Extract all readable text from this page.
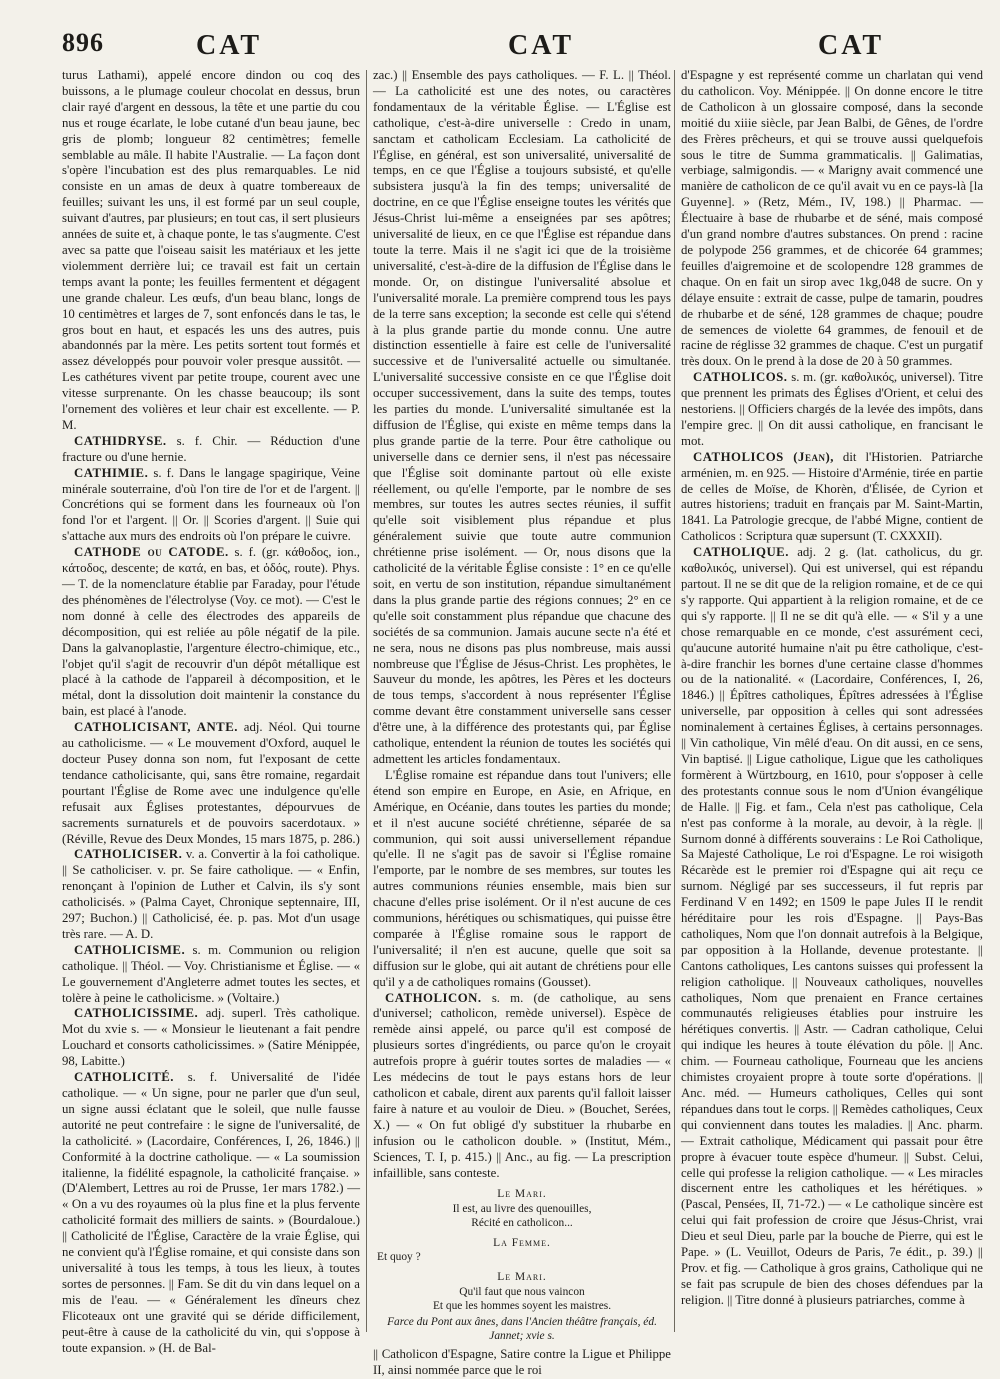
896	CAT	CAT	CAT

turus Lathami), appelé encore dindon ou coq des buissons, a le plumage couleur chocolat en dessus, brun clair rayé d'argent en dessous, la tête et une partie du cou nus et rouge écarlate, le lobe cutané d'un beau jaune, bec gris de plomb; longueur 82 centimètres; femelle semblable au mâle. Il habite l'Australie. — La façon dont s'opère l'incubation est des plus remarquables. Le nid consiste en un amas de deux à quatre tombereaux de feuilles; suivant les uns, il est formé par un seul couple, suivant d'autres, par plusieurs; en tout cas, il sert plusieurs années de suite et, à chaque ponte, le tas s'augmente. C'est avec sa patte que l'oiseau saisit les matériaux et les jette violemment derrière lui; ce travail est fait un certain temps avant la ponte; les feuilles fermentent et dégagent une grande chaleur. Les œufs, d'un beau blanc, longs de 10 centimètres et larges de 7, sont enfoncés dans le tas, le gros bout en haut, et espacés les uns des autres, puis abandonnés par la mère. Les petits sortent tout formés et assez développés pour pouvoir voler presque aussitôt. — Les cathétures vivent par petite troupe, courent avec une vitesse surprenante. On les chasse beaucoup; ils sont l'ornement des volières et leur chair est excellente. — P. M.

CATHIDRYSE. s. f. Chir. — Réduction d'une fracture ou d'une hernie.

CATHIMIE. s. f. Dans le langage spagirique, Veine minérale souterraine, d'où l'on tire de l'or et de l'argent. || Concrétions qui se forment dans les fourneaux où l'on fond l'or et l'argent. || Or. || Scories d'argent. || Suie qui s'attache aux murs des endroits où l'on prépare le cuivre.

CATHODE ou CATODE. s. f. (gr. κάθοδος, ion., κάτοδος, descente; de κατά, en bas, et ὁδός, route). Phys. — T. de la nomenclature établie par Faraday, pour l'étude des phénomènes de l'électrolyse (Voy. ce mot). — C'est le nom donné à celle des électrodes des appareils de décomposition, qui est reliée au pôle négatif de la pile. Dans la galvanoplastie, l'argenture électro-chimique, etc., l'objet qu'il s'agit de recouvrir d'un dépôt métallique est placé à la cathode de l'appareil à décomposition, et le métal, dont la dissolution doit maintenir la constance du bain, est placé à l'anode.

CATHOLICISANT, ANTE. adj. Néol. Qui tourne au catholicisme. — « Le mouvement d'Oxford, auquel le docteur Pusey donna son nom, fut l'exposant de cette tendance catholicisante, qui, sans être romaine, regardait pourtant l'Église de Rome avec une indulgence qu'elle refusait aux Églises protestantes, dépourvues de sacrements surnaturels et de pouvoirs sacerdotaux. » (Réville, Revue des Deux Mondes, 15 mars 1875, p. 286.)

CATHOLICISER. v. a. Convertir à la foi catholique. || Se catholiciser. v. pr. Se faire catholique. — « Enfin, renonçant à l'opinion de Luther et Calvin, ils s'y sont catholicisés. » (Palma Cayet, Chronique septennaire, III, 297; Buchon.) || Catholicisé, ée. p. pas. Mot d'un usage très rare. — A. D.

CATHOLICISME. s. m. Communion ou religion catholique. || Théol. — Voy. Christianisme et Église. — « Le gouvernement d'Angleterre admet toutes les sectes, et tolère à peine le catholicisme. » (Voltaire.)

CATHOLICISSIME. adj. superl. Très catholique. Mot du xvie s. — « Monsieur le lieutenant a fait pendre Louchard et consorts catholicissimes. » (Satire Ménippée, 98, Labitte.)

CATHOLICITÉ. s. f. Universalité de l'idée catholique. — « Un signe, pour ne parler que d'un seul, un signe aussi éclatant que le soleil, que nulle fausse autorité ne peut contrefaire : le signe de l'universalité, de la catholicité. » (Lacordaire, Conférences, I, 26, 1846.) || Conformité à la doctrine catholique. — « La soumission italienne, la fidélité espagnole, la catholicité française. » (D'Alembert, Lettres au roi de Prusse, 1er mars 1782.) — « On a vu des royaumes où la plus fine et la plus fervente catholicité formait des milliers de saints. » (Bourdaloue.) || Catholicité de l'Église, Caractère de la vraie Église, qui ne convient qu'à l'Église romaine, et qui consiste dans son universalité à tous les temps, à tous les lieux, à toutes sortes de personnes. || Fam. Se dit du vin dans lequel on a mis de l'eau. — « Généralement les dîneurs chez Flicoteaux ont une gravité qui se déride difficilement, peut-être à cause de la catholicité du vin, qui s'oppose à toute expansion. » (H. de Bal-

zac.) || Ensemble des pays catholiques. — F. L. || Théol. — La catholicité est une des notes, ou caractères fondamentaux de la véritable Église. — L'Église est catholique, c'est-à-dire universelle : Credo in unam, sanctam et catholicam Ecclesiam. La catholicité de l'Église, en général, est son universalité, universalité de temps, en ce que l'Église a toujours subsisté, et qu'elle subsistera jusqu'à la fin des temps; universalité de doctrine, en ce que l'Église enseigne toutes les vérités que Jésus-Christ lui-même a enseignées par ses apôtres; universalité de lieux, en ce que l'Église est répandue dans toute la terre. Mais il ne s'agit ici que de la troisième universalité, c'est-à-dire de la diffusion de l'Église dans le monde. Or, on distingue l'universalité absolue et l'universalité morale. La première comprend tous les pays de la terre sans exception; la seconde est celle qui s'étend à la plus grande partie du monde connu. Une autre distinction essentielle à faire est celle de l'universalité successive et de l'universalité actuelle ou simultanée. L'universalité successive consiste en ce que l'Église doit occuper successivement, dans la suite des temps, toutes les parties du monde. L'universalité simultanée est la diffusion de l'Église, qui existe en même temps dans la plus grande partie de la terre. Pour être catholique ou universelle dans ce dernier sens, il n'est pas nécessaire que l'Église soit dominante partout où elle existe réellement, ou qu'elle l'emporte, par le nombre de ses membres, sur toutes les autres sectes réunies, il suffit qu'elle soit visiblement plus répandue et plus généralement suivie que toute autre communion chrétienne prise isolément. — Or, nous disons que la catholicité de la véritable Église consiste : 1° en ce qu'elle soit, en vertu de son institution, répandue simultanément dans la plus grande partie des régions connues; 2° en ce qu'elle soit constamment plus répandue que chacune des sociétés de sa communion. Jamais aucune secte n'a été et ne sera, nous ne disons pas plus nombreuse, mais aussi nombreuse que l'Église de Jésus-Christ. Les prophètes, le Sauveur du monde, les apôtres, les Pères et les docteurs de tous temps, s'accordent à nous représenter l'Église comme devant être constamment universelle sans cesser d'être une, à la différence des protestants qui, par Église catholique, entendent la réunion de toutes les sociétés qui admettent les articles fondamentaux.

L'Église romaine est répandue dans tout l'univers; elle étend son empire en Europe, en Asie, en Afrique, en Amérique, en Océanie, dans toutes les parties du monde; et il n'est aucune société chrétienne, séparée de sa communion, qui soit aussi universellement répandue qu'elle. Il ne s'agit pas de savoir si l'Église romaine l'emporte, par le nombre de ses membres, sur toutes les autres communions réunies ensemble, mais bien sur chacune d'elles prise isolément. Or il n'est aucune de ces communions, hérétiques ou schismatiques, qui puisse être comparée à l'Église romaine sous le rapport de l'universalité; il n'en est aucune, quelle que soit sa diffusion sur le globe, qui ait autant de chrétiens pour elle qu'il y a de catholiques romains (Gousset).

CATHOLICON. s. m. (de catholique, au sens d'universel; catholicon, remède universel). Espèce de remède ainsi appelé, ou parce qu'il est composé de plusieurs sortes d'ingrédients, ou parce qu'on le croyait autrefois propre à guérir toutes sortes de maladies — « Les médecins de tout le pays estans hors de leur catholicon et cabale, dirent aux parents qu'il falloit laisser faire à nature et au vouloir de Dieu. » (Bouchet, Serées, X.) — « On fut obligé d'y substituer la rhubarbe en infusion ou le catholicon double. » (Institut, Mém., Sciences, T. I, p. 415.) || Anc., au fig. — La prescription infaillible, sans conteste.

Le Mari.
Il est, au livre des quenouilles,
Récité en catholicon...
La Femme.
Et quoy ?
Le Mari.
Qu'il faut que nous vaincon
Et que les hommes soyent les maistres.
Farce du Pont aux ânes, dans l'Ancien théâtre français, éd. Jannet; xvie s.

|| Catholicon d'Espagne, Satire contre la Ligue et Philippe II, ainsi nommée parce que le roi

d'Espagne y est représenté comme un charlatan qui vend du catholicon. Voy. Ménippée. || On donne encore le titre de Catholicon à un glossaire composé, dans la seconde moitié du xiiie siècle, par Jean Balbi, de Gênes, de l'ordre des Frères prêcheurs, et qui se trouve aussi quelquefois sous le titre de Summa grammaticalis. || Galimatias, verbiage, salmigondis. — « Marigny avait commencé une manière de catholicon de ce qu'il avait vu en ce pays-là [la Guyenne]. » (Retz, Mém., IV, 198.) || Pharmac. — Électuaire à base de rhubarbe et de séné, mais composé d'un grand nombre d'autres substances. On prend : racine de polypode 256 grammes, et de chicorée 64 grammes; feuilles d'aigremoine et de scolopendre 128 grammes de chaque. On en fait un sirop avec 1kg,048 de sucre. On y délaye ensuite : extrait de casse, pulpe de tamarin, poudres de rhubarbe et de séné, 128 grammes de chaque; poudre de semences de violette 64 grammes, de fenouil et de racine de réglisse 32 grammes de chaque. C'est un purgatif très doux. On le prend à la dose de 20 à 50 grammes.

CATHOLICOS. s. m. (gr. καθολικός, universel). Titre que prennent les primats des Églises d'Orient, et celui des nestoriens. || Officiers chargés de la levée des impôts, dans l'empire grec. || On dit aussi catholique, en francisant le mot.

CATHOLICOS (Jean), dit l'Historien. Patriarche arménien, m. en 925. — Histoire d'Arménie, tirée en partie de celles de Moïse, de Khorèn, d'Élisée, de Cyrion et autres historiens; traduit en français par M. Saint-Martin, 1841. La Patrologie grecque, de l'abbé Migne, contient de Catholicos : Scriptura quæ supersunt (T. CXXXII).

CATHOLIQUE. adj. 2 g. (lat. catholicus, du gr. καθολικός, universel). Qui est universel, qui est répandu partout. Il ne se dit que de la religion romaine, et de ce qui s'y rapporte. Qui appartient à la religion romaine, et de ce qui s'y rapporte. || Il ne se dit qu'à elle. — « S'il y a une chose remarquable en ce monde, c'est assurément ceci, qu'aucune autorité humaine n'ait pu être catholique, c'est-à-dire franchir les bornes d'une certaine classe d'hommes ou de la nationalité. « (Lacordaire, Conférences, I, 26, 1846.) || Épîtres catholiques, Épîtres adressées à l'Église universelle, par opposition à celles qui sont adressées nominalement à certaines Églises, à certains personnages. || Vin catholique, Vin mêlé d'eau. On dit aussi, en ce sens, Vin baptisé. || Ligue catholique, Ligue que les catholiques formèrent à Würtzbourg, en 1610, pour s'opposer à celle des protestants connue sous le nom d'Union évangélique de Halle. || Fig. et fam., Cela n'est pas catholique, Cela n'est pas conforme à la morale, au devoir, à la règle. || Surnom donné à différents souverains : Le Roi Catholique, Sa Majesté Catholique, Le roi d'Espagne. Le roi wisigoth Récarède est le premier roi d'Espagne qui ait reçu ce surnom. Négligé par ses successeurs, il fut repris par Ferdinand V en 1492; en 1509 le pape Jules II le rendit héréditaire pour les rois d'Espagne. || Pays-Bas catholiques, Nom que l'on donnait autrefois à la Belgique, par opposition à la Hollande, devenue protestante. || Cantons catholiques, Les cantons suisses qui professent la religion catholique. || Nouveaux catholiques, nouvelles catholiques, Nom que prenaient en France certaines communautés religieuses établies pour instruire les hérétiques convertis. || Astr. — Cadran catholique, Celui qui indique les heures à toute élévation du pôle. || Anc. chim. — Fourneau catholique, Fourneau que les anciens chimistes croyaient propre à toute sorte d'opérations. || Anc. méd. — Humeurs catholiques, Celles qui sont répandues dans tout le corps. || Remèdes catholiques, Ceux qui conviennent dans toutes les maladies. || Anc. pharm. — Extrait catholique, Médicament qui passait pour être propre à évacuer toute espèce d'humeur. || Subst. Celui, celle qui professe la religion catholique. — « Les miracles discernent entre les catholiques et les hérétiques. » (Pascal, Pensées, II, 71-72.) — « Le catholique sincère est celui qui fait profession de croire que Jésus-Christ, vrai Dieu et seul Dieu, parle par la bouche de Pierre, qui est le Pape. » (L. Veuillot, Odeurs de Paris, 7e édit., p. 39.) || Prov. et fig. — Catholique à gros grains, Catholique qui ne se fait pas scrupule de bien des choses défendues par la religion. || Titre donné à plusieurs patriarches, comme à
